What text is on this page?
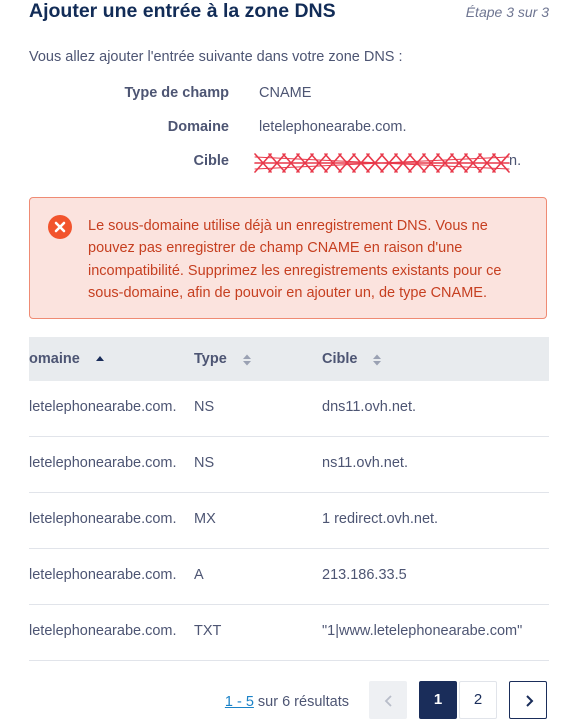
Ajouter une entrée à la zone DNS	Étape 3 sur 3
Vous allez ajouter l'entrée suivante dans votre zone DNS :
Type de champ CNAME
Domaine letelephonearabe.com.
Cible	n.
Le sous-domaine utilise déjà un enregistrement DNS. Vous ne pouvez pas enregistrer de champ CNAME en raison d'une incompatibilité. Supprimez les enregistrements existants pour ce sous-domaine, afin de pouvoir en ajouter un, de type CNAME.
omaine	Type	Cible
letelephonearabe.com. NS	dns11.ovh.net.
letelephonearabe.com. NS	ns11.ovh.net.
letelephonearabe.com. MX	1 redirect.ovh.net.
letelephonearabe.com. A	213.186.33.5
letelephonearabe.com. TXT	"1|www.letelephonearabe.com"
1 - 5 sur 6 résultats	1	2
